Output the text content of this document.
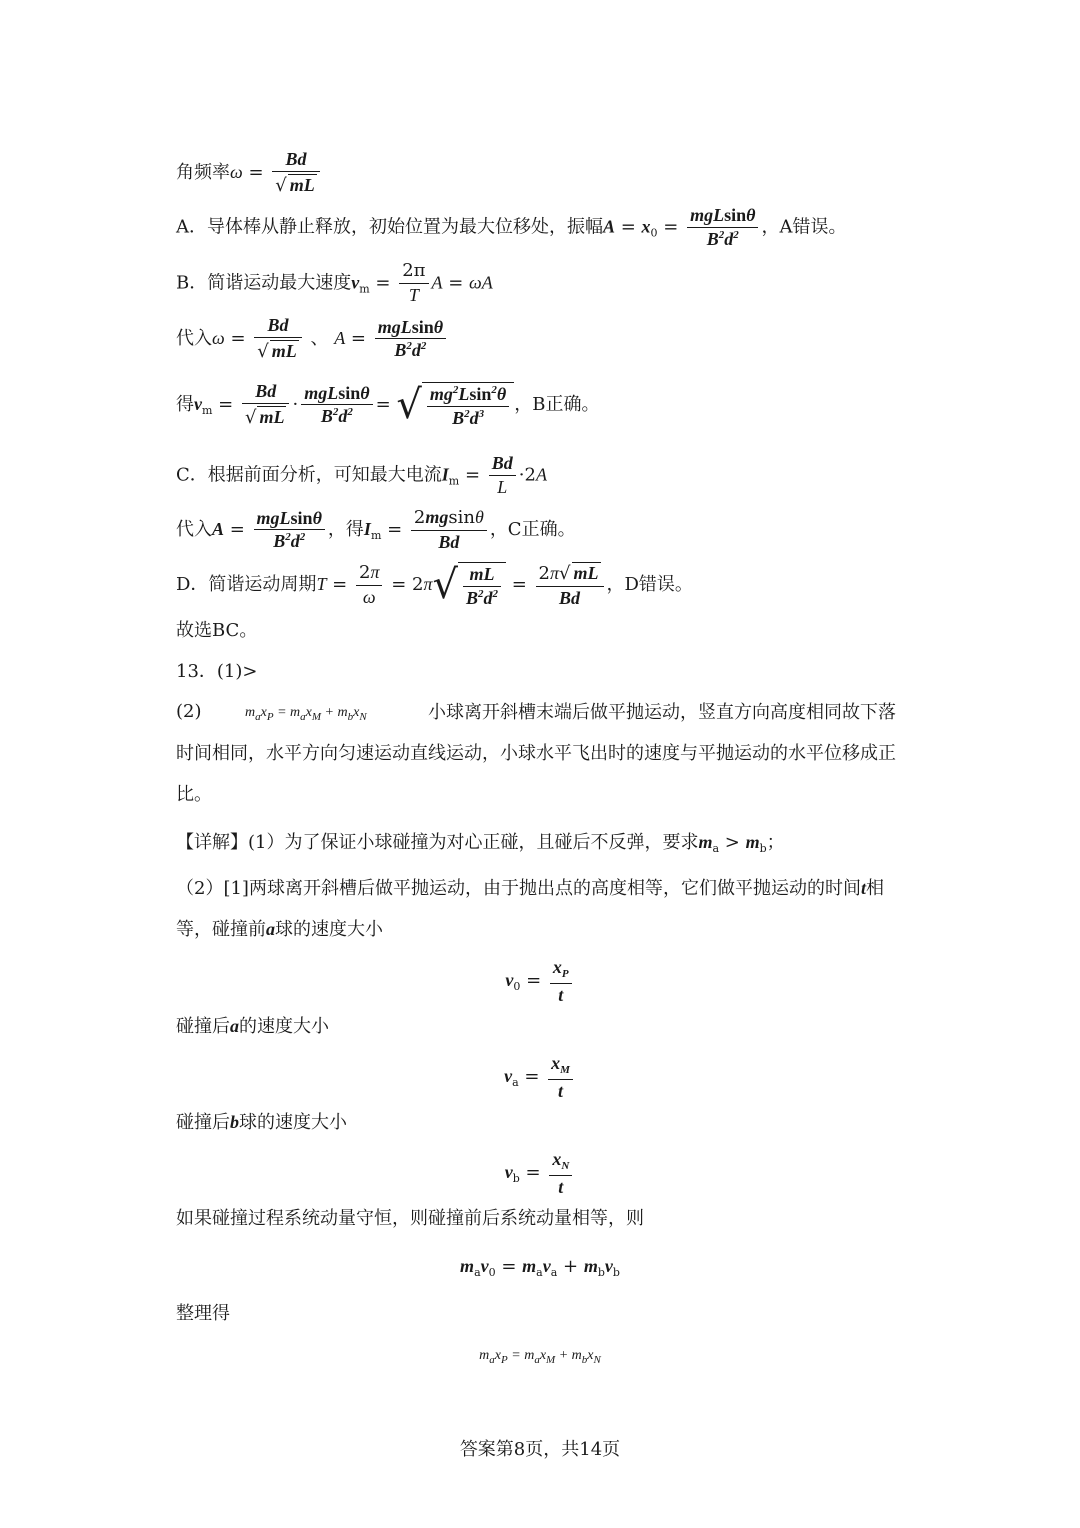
角频率$\omega = \frac{Bd}{√ mL}$
A．导体棒从静止释放，初始位置为最大位移处，振幅$A = x_0 = \frac{\text{mgLsinθ}}{B^2d^2}$ ，A错误。
B．简谐运动最大速度$v_m = \frac{2\pi}{T}$ A = ωA
代入$\omega = \frac{Bd}{√ mL}$ 、 $A = \frac{\text{mgLsinθ}}{B^2d^2}$
得$v_m = \frac{Bd}{√ mL} \cdot \frac{\text{mgLsinθ}}{B^2d^2}$ = √ $\frac{mg^2Lsin^2\theta}{B^2d^3}$ ，B正确。
C．根据前面分析，可知最大电流$I_m = \frac{Bd}{L} \cdot 2A$
代入$A = \frac{\text{mgLsinθ}}{B^2d^2}$ ，得$I_m = \frac{2mgsin\theta}{Bd}$ ，C正确。
D．简谐运动周期$T = \frac{2\pi}{\omega} = 2\pi√ \frac{mL}{B^2d^2} = \frac{2\pi√ mL}{Bd}$ ，D错误。
故选BC。
13．(1)>
(2)	$m_ax_P = m_ax_M + m_bx_N$	小球离开斜槽末端后做平抛运动，竖直方向高度相同故下落时间相同，水平方向匀速运动直线运动，小球水平飞出时的速度与平抛运动的水平位移成正比。
【详解】(1）为了保证小球碰撞为对心正碰，且碰后不反弹，要求$m_a > m_b$；
（2）[1]两球离开斜槽后做平抛运动，由于抛出点的高度相等，它们做平抛运动的时间t相等，碰撞前a球的速度大小
$v_0 = \frac{x_P}{t}$
碰撞后a的速度大小
$v_a = \frac{x_M}{t}$
碰撞后b球的速度大小
$v_b = \frac{x_N}{t}$
如果碰撞过程系统动量守恒，则碰撞前后系统动量相等，则
$m_av_0 = m_av_a + m_bv_b$
整理得
$m_ax_P = m_ax_M + m_bx_N$
答案第8页，共14页
